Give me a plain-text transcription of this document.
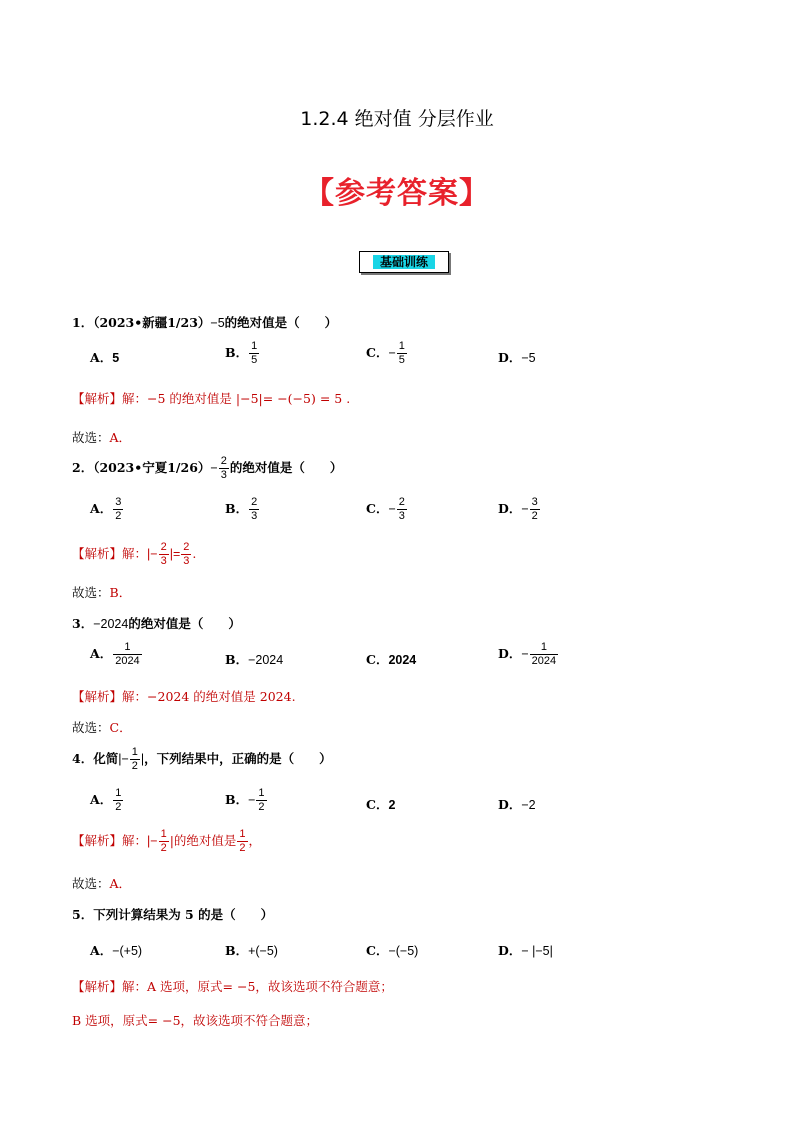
1.2.4 绝对值 分层作业
【参考答案】
基础训练
1．（2023•新疆1/23）−5的绝对值是（　　）
A．5	B． $\frac{1}{5}$	C．− $\frac{1}{5}$	D．−5
【解析】解：−5 的绝对值是 |−5|= −(−5) = 5 .
故选：A．
2．（2023•宁夏$1/26)- \frac{2}{3}$ 的绝对值是（　　）
A． $\frac{3}{2}$	B． $\frac{2}{3}$	C．− $\frac{2}{3}$	D．− $\frac{3}{2}$
【解析】解：|− $\frac{2}{3}$ |= $\frac{2}{3}$ .
故选：B．
3．−2024的绝对值是（　　）
A． $\frac{1}{2024}$	B．−2024	C．2024	D．− $\frac{1}{2024}$
【解析】解：−2024 的绝对值是 2024.
故选：C．
4．化简|− $\frac{1}{2}$ |，下列结果中，正确的是（　　）
A． $\frac{1}{2}$	B．− $\frac{1}{2}$	C．2	D．−2
【解析】解：|− $\frac{1}{2}$ |的绝对值是 $\frac{1}{2}$ ，
故选：A．
5．下列计算结果为 5 的是（　　）
A．−(+5)	B．+(−5)	C．−(−5)	D．− |−5|
【解析】解：A 选项，原式= −5，故该选项不符合题意；
B 选项，原式= −5，故该选项不符合题意；
